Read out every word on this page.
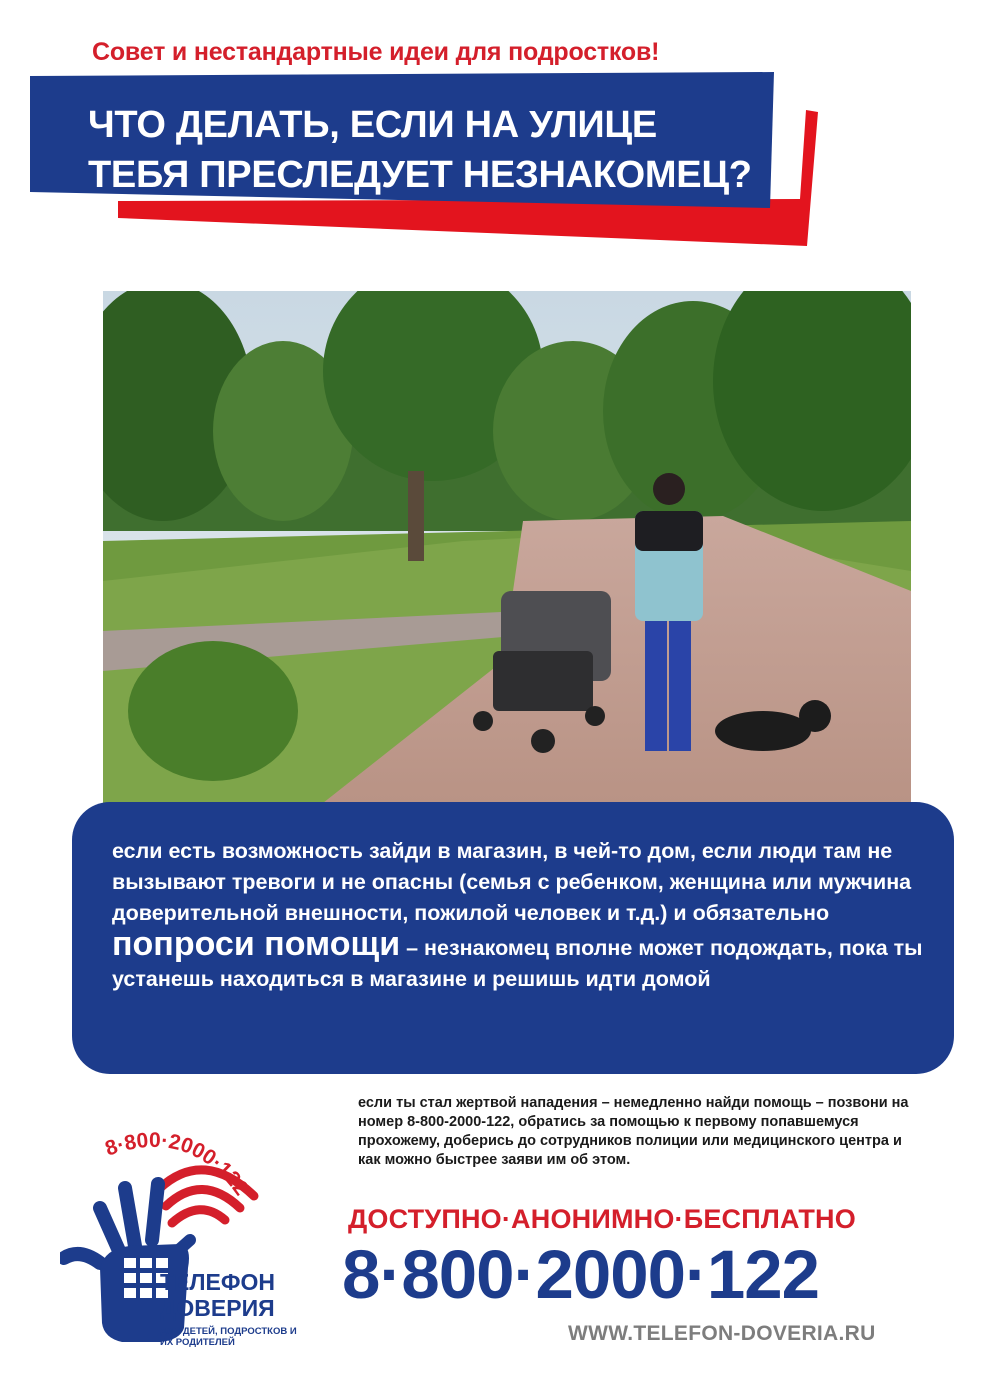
Совет и нестандартные идеи для подростков!
ЧТО ДЕЛАТЬ, ЕСЛИ НА УЛИЦЕ
ТЕБЯ ПРЕСЛЕДУЕТ НЕЗНАКОМЕЦ?
если есть возможность зайди в магазин, в чей-то дом, если люди там не вызывают тревоги и не опасны (семья с ребенком, женщина или мужчина доверительной внешности, пожилой человек и т.д.) и обязательно попроси помощи – незнакомец вполне может подождать, пока ты устанешь находиться в магазине и решишь идти домой
если ты стал жертвой нападения – немедленно найди помощь – позвони на номер 8-800-2000-122, обратись за помощью к первому попавшемуся прохожему, доберись до сотрудников полиции или медицинского центра и как можно быстрее заяви им об этом.
8·800·2000·122
ТЕЛЕФОН
ДОВЕРИЯ
ДЛЯ ДЕТЕЙ, ПОДРОСТКОВ И ИХ РОДИТЕЛЕЙ
ДОСТУПНО·АНОНИМНО·БЕСПЛАТНО
8·800·2000·122
WWW.TELEFON-DOVERIA.RU
